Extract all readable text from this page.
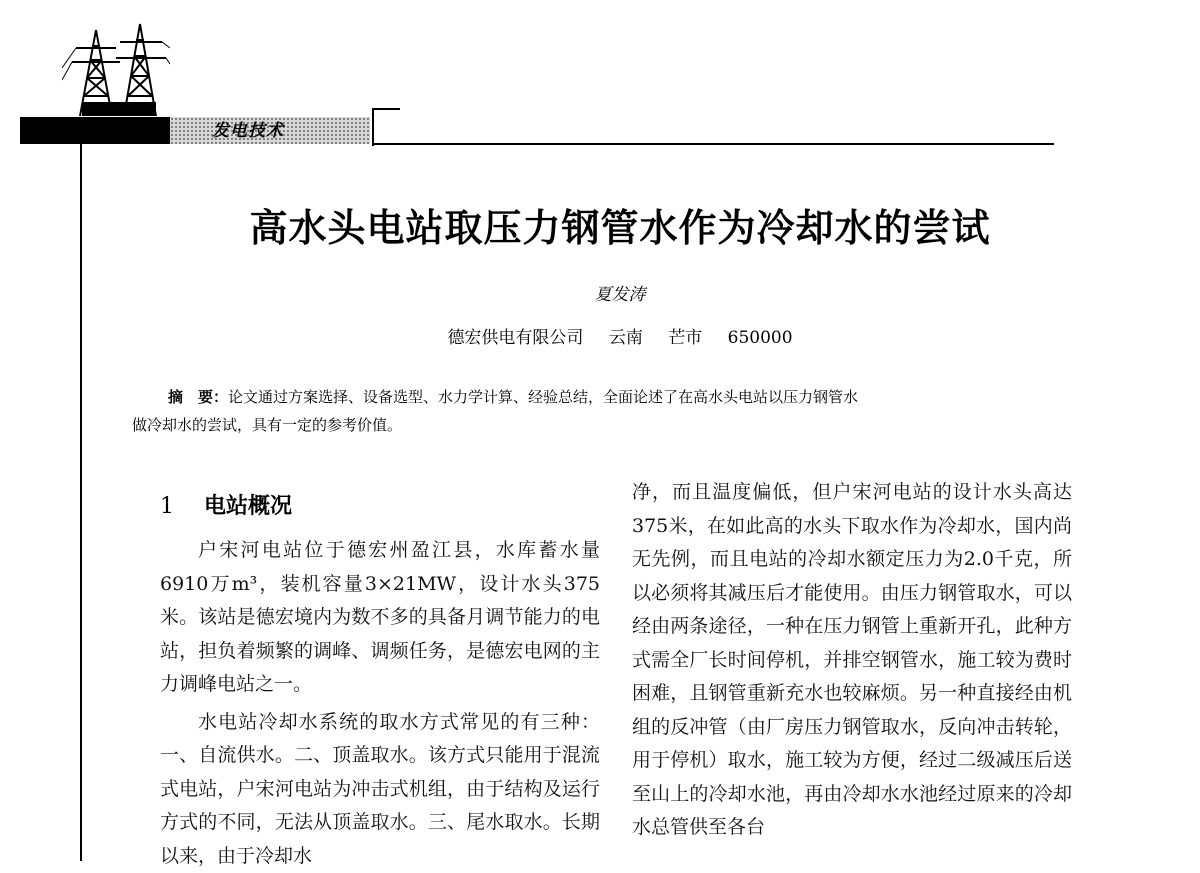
发电技术
高水头电站取压力钢管水作为冷却水的尝试
夏发涛
德宏供电有限公司 云南 芒市 650000
摘　要：论文通过方案选择、设备选型、水力学计算、经验总结，全面论述了在高水头电站以压力钢管水
做冷却水的尝试，具有一定的参考价值。
1 电站概况

户宋河电站位于德宏州盈江县，水库蓄水量6910万m³，装机容量3×21MW，设计水头375米。该站是德宏境内为数不多的具备月调节能力的电站，担负着频繁的调峰、调频任务，是德宏电网的主力调峰电站之一。

水电站冷却水系统的取水方式常见的有三种：一、自流供水。二、顶盖取水。该方式只能用于混流式电站，户宋河电站为冲击式机组，由于结构及运行方式的不同，无法从顶盖取水。三、尾水取水。长期以来，由于冷却水

净，而且温度偏低，但户宋河电站的设计水头高达375米，在如此高的水头下取水作为冷却水，国内尚无先例，而且电站的冷却水额定压力为2.0千克，所以必须将其减压后才能使用。由压力钢管取水，可以经由两条途径，一种在压力钢管上重新开孔，此种方式需全厂长时间停机，并排空钢管水，施工较为费时困难，且钢管重新充水也较麻烦。另一种直接经由机组的反冲管（由厂房压力钢管取水，反向冲击转轮，用于停机）取水，施工较为方便，经过二级减压后送至山上的冷却水池，再由冷却水水池经过原来的冷却水总管供至各台
